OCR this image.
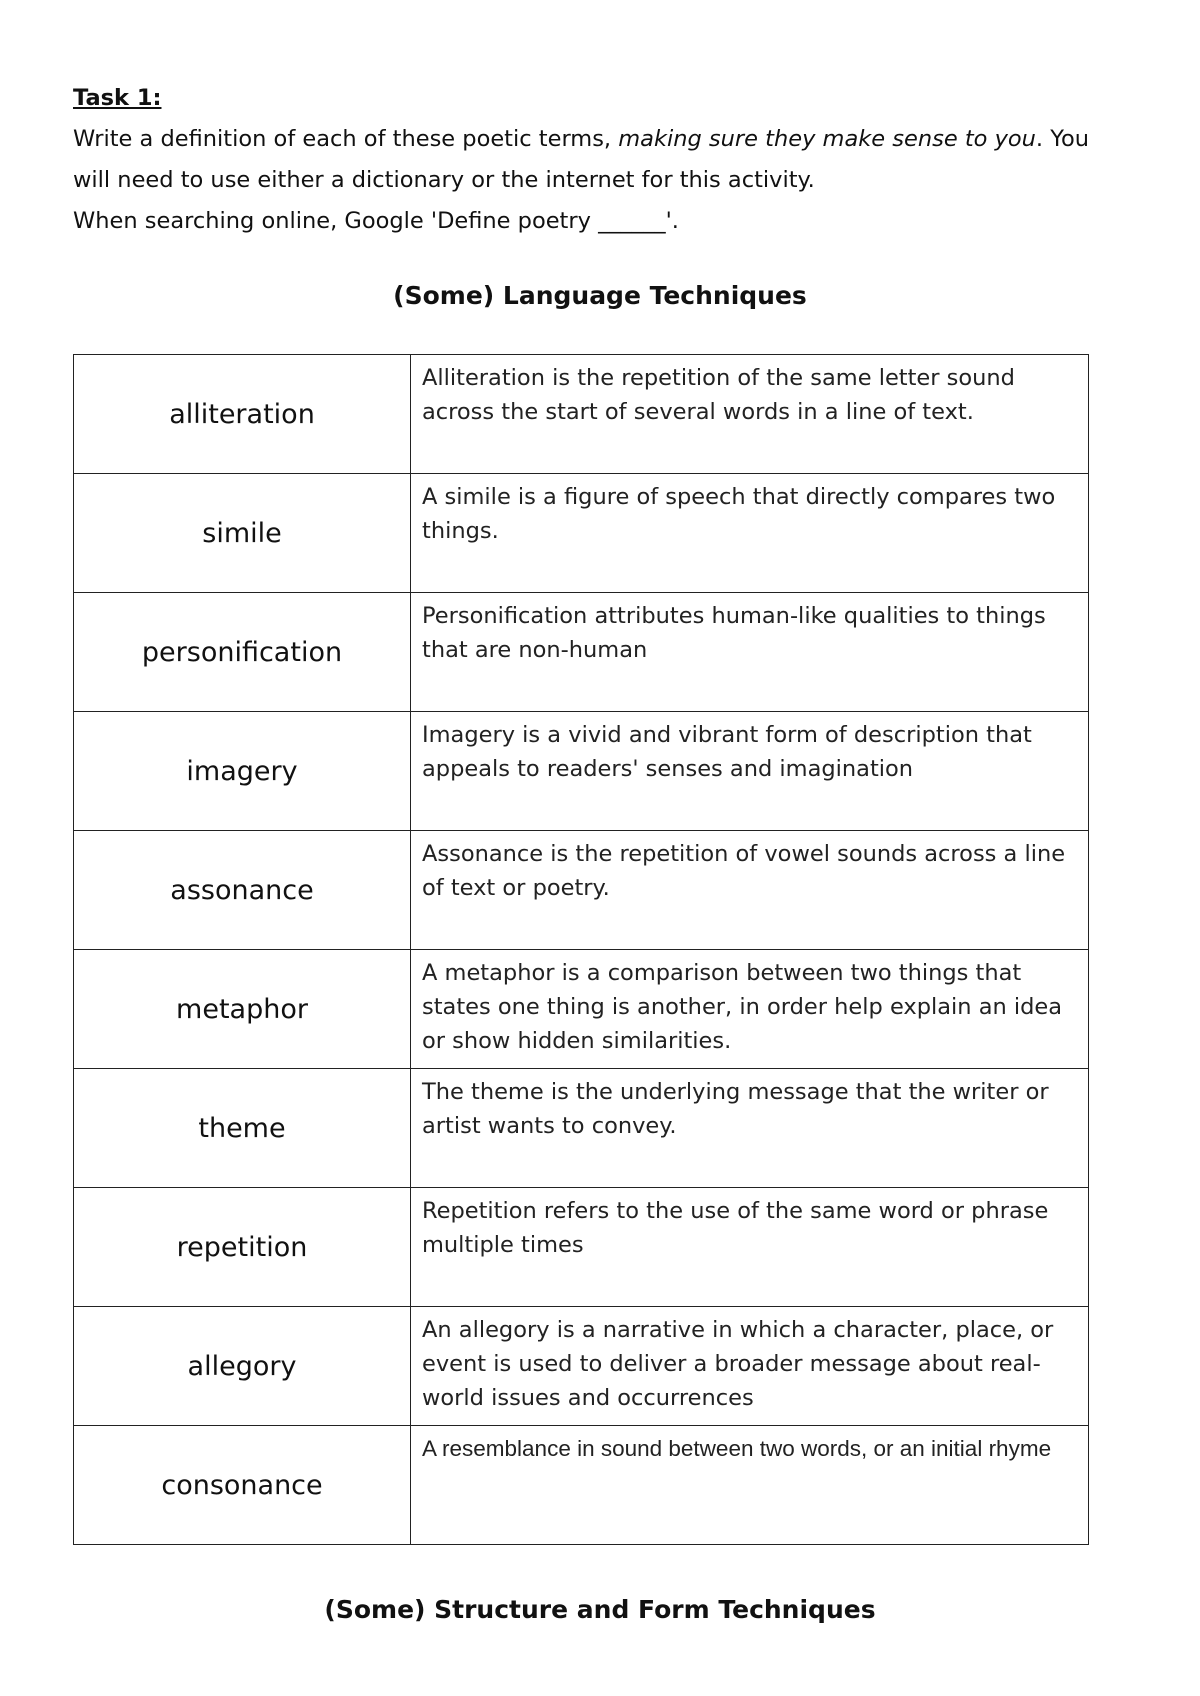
Task 1:
Write a definition of each of these poetic terms, making sure they make sense to you. You
will need to use either a dictionary or the internet for this activity.
When searching online, Google 'Define poetry ______'.
(Some) Language Techniques
alliteration	Alliteration is the repetition of the same letter sound across the start of several words in a line of text.
simile	A simile is a figure of speech that directly compares two things.
personification	Personification attributes human-like qualities to things that are non-human
imagery	Imagery is a vivid and vibrant form of description that appeals to readers' senses and imagination
assonance	Assonance is the repetition of vowel sounds across a line of text or poetry.
metaphor	A metaphor is a comparison between two things that states one thing is another, in order help explain an idea or show hidden similarities.
theme	The theme is the underlying message that the writer or artist wants to convey.
repetition	Repetition refers to the use of the same word or phrase multiple times
allegory	An allegory is a narrative in which a character, place, or event is used to deliver a broader message about real-world issues and occurrences
consonance	A resemblance in sound between two words, or an initial rhyme
(Some) Structure and Form Techniques
